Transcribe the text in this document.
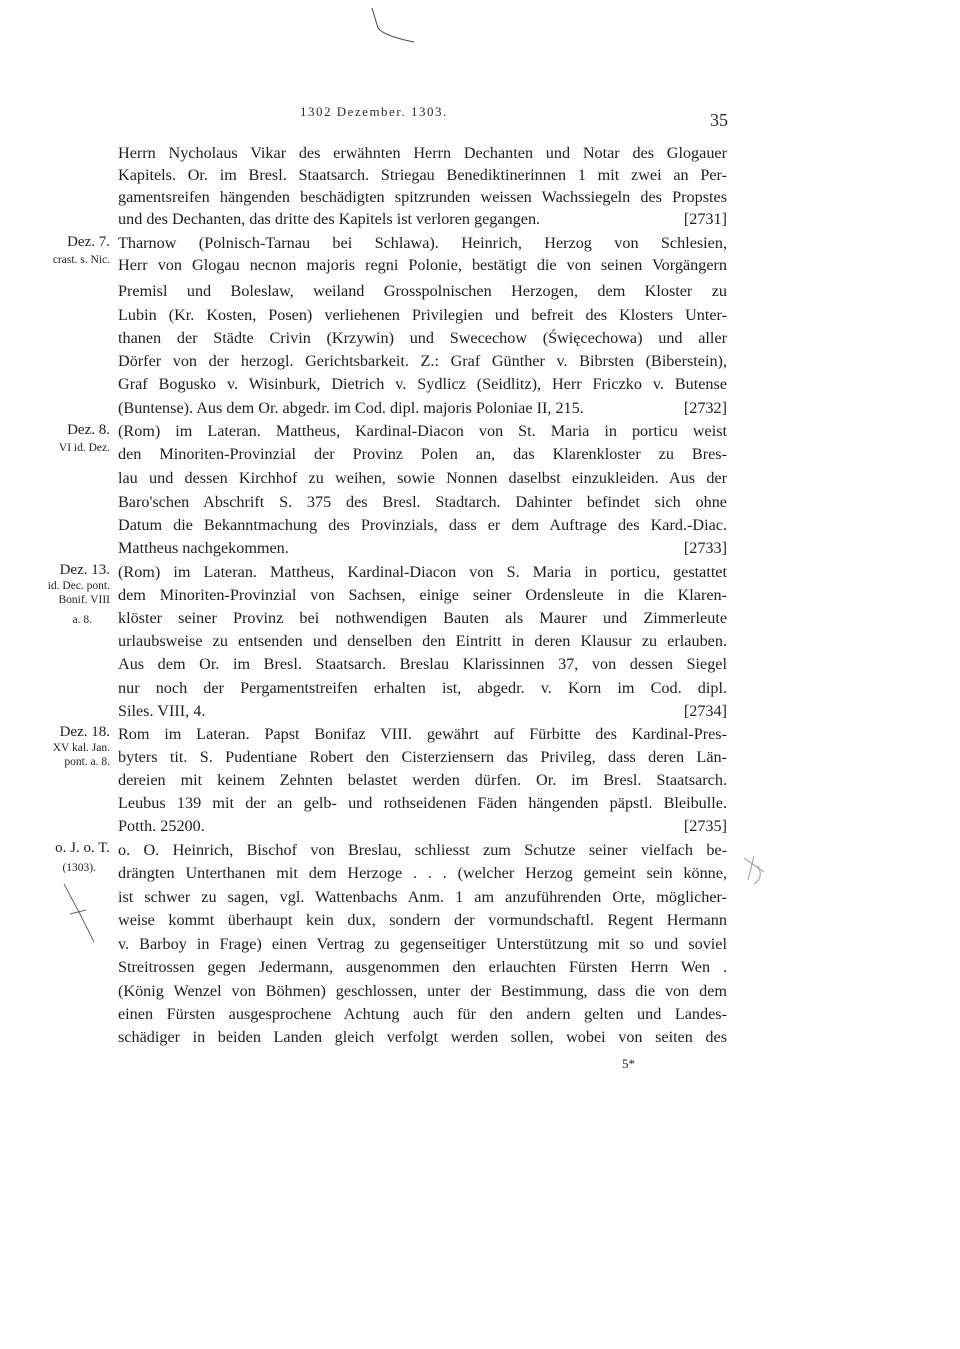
1302 Dezember. 1303.	35
Herrn Nycholaus Vikar des erwähnten Herrn Dechanten und Notar des Glogauer
Kapitels. Or. im Bresl. Staatsarch. Striegau Benediktinerinnen 1 mit zwei an Per-
gamentsreifen hängenden beschädigten spitzrunden weissen Wachssiegeln des Propstes
und des Dechanten, das dritte des Kapitels ist verloren gegangen.	[2731]
Dez. 7.
crast. s. Nic.
Tharnow (Polnisch-Tarnau bei Schlawa). Heinrich, Herzog von Schlesien,
Herr von Glogau necnon majoris regni Polonie, bestätigt die von seinen Vorgängern
Premisl und Boleslaw, weiland Grosspolnischen Herzogen, dem Kloster zu
Lubin (Kr. Kosten, Posen) verliehenen Privilegien und befreit des Klosters Unter-
thanen der Städte Crivin (Krzywin) und Swecechow (Święcechowa) und aller
Dörfer von der herzogl. Gerichtsbarkeit. Z.: Graf Günther v. Bibrsten (Biberstein),
Graf Bogusko v. Wisinburk, Dietrich v. Sydlicz (Seidlitz), Herr Friczko v. Butense
(Buntense). Aus dem Or. abgedr. im Cod. dipl. majoris Poloniae II, 215.	[2732]
Dez. 8.
VI id. Dez.
(Rom) im Lateran. Mattheus, Kardinal-Diacon von St. Maria in porticu weist
den Minoriten-Provinzial der Provinz Polen an, das Klarenkloster zu Bres-
lau und dessen Kirchhof zu weihen, sowie Nonnen daselbst einzukleiden. Aus der
Baro'schen Abschrift S. 375 des Bresl. Stadtarch. Dahinter befindet sich ohne
Datum die Bekanntmachung des Provinzials, dass er dem Auftrage des Kard.-Diac.
Mattheus nachgekommen.	[2733]
Dez. 13.
id. Dec. pont.
Bonif. VIII
a. 8.
(Rom) im Lateran. Mattheus, Kardinal-Diacon von S. Maria in porticu, gestattet
dem Minoriten-Provinzial von Sachsen, einige seiner Ordensleute in die Klaren-
klöster seiner Provinz bei nothwendigen Bauten als Maurer und Zimmerleute
urlaubsweise zu entsenden und denselben den Eintritt in deren Klausur zu erlauben.
Aus dem Or. im Bresl. Staatsarch. Breslau Klarissinnen 37, von dessen Siegel
nur noch der Pergamentstreifen erhalten ist, abgedr. v. Korn im Cod. dipl.
Siles. VIII, 4.	[2734]
Dez. 18.
XV kal. Jan.
pont. a. 8.
Rom im Lateran. Papst Bonifaz VIII. gewährt auf Fürbitte des Kardinal-Pres-
byters tit. S. Pudentiane Robert den Cisterziensern das Privileg, dass deren Län-
dereien mit keinem Zehnten belastet werden dürfen. Or. im Bresl. Staatsarch.
Leubus 139 mit der an gelb- und rothseidenen Fäden hängenden päpstl. Bleibulle.
Potth. 25200.	[2735]
o. J. o. T.
(1303).
o. O. Heinrich, Bischof von Breslau, schliesst zum Schutze seiner vielfach be-
drängten Unterthanen mit dem Herzoge . . . (welcher Herzog gemeint sein könne,
ist schwer zu sagen, vgl. Wattenbachs Anm. 1 am anzuführenden Orte, möglicher-
weise kommt überhaupt kein dux, sondern der vormundschaftl. Regent Hermann
v. Barboy in Frage) einen Vertrag zu gegenseitiger Unterstützung mit so und soviel
Streitrossen gegen Jedermann, ausgenommen den erlauchten Fürsten Herrn Wen .
(König Wenzel von Böhmen) geschlossen, unter der Bestimmung, dass die von dem
einen Fürsten ausgesprochene Achtung auch für den andern gelten und Landes-
schädiger in beiden Landen gleich verfolgt werden sollen, wobei von seiten des
5*
